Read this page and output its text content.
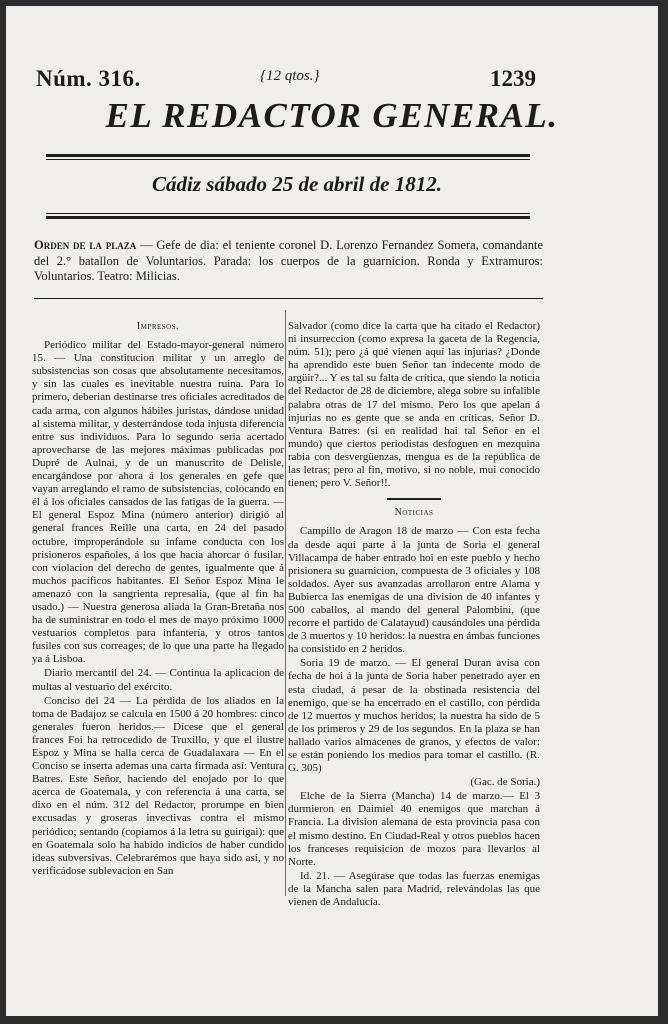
Núm. 316.	{12 qtos.}	1239
EL REDACTOR GENERAL.
Cádiz sábado 25 de abril de 1812.
Orden de la plaza — Gefe de dia: el teniente coronel D. Lorenzo Fernandez Somera, comandante del 2.° batallon de Voluntarios. Parada: los cuerpos de la guarnicion. Ronda y Extramuros: Voluntarios. Teatro: Milicias.

Impresos.

Periódico militar del Estado-mayor-general número 15. — Una constitucion militar y un arreglo de subsistencias son cosas que absolutamente necesitamos, y sin las cuales es inevitable nuestra ruina. Para lo primero, deberian destinarse tres oficiales acreditados de cada arma, con algunos hábiles juristas, dándose unidad al sistema militar, y desterrándose toda injusta diferencia entre sus individuos. Para lo segundo seria acertado aprovecharse de las mejores máximas publicadas por Dupré de Aulnai, y de un manuscrito de Delisle, encargándose por ahora á los generales en gefe que vayan arreglando el ramo de subsistencias, colocando en él á los oficiales cansados de las fatigas de la guerra. — El general Espoz Mina (número anterior) dirigió al general frances Reille una carta, en 24 del pasado octubre, improperándole su infame conducta con los prisioneros españoles, á los que hacia ahorcar ó fusilar, con violacion del derecho de gentes, igualmente que á muchos pacíficos habitantes. El Señor Espoz Mina le amenazó con la sangrienta represalia, (que al fin ha usado.) — Nuestra generosa aliada la Gran-Bretaña nos ha de suministrar en todo el mes de mayo próximo 1000 vestuarios completos para infantería, y otros tantos fusiles con sus correages; de lo que una parte ha llegado ya á Lisboa.

Diario mercantil del 24. — Continua la aplicacion de multas al vestuario del exército.

Conciso del 24 — La pérdida de los aliados en la toma de Badajoz se calcula en 1500 á 20 hombres: cinco generales fueron heridos.— Dícese que el general frances Foi ha retrocedido de Truxillo, y que el ilustre Espoz y Mina se halla cerca de Guadalaxara — En el Conciso se inserta ademas una carta firmada así: Ventura Batres. Este Señor, haciendo del enojado por lo que acerca de Goatemala, y con referencia á una carta, se dixo en el núm. 312 del Redactor, prorumpe en bien excusadas y groseras invectivas contra el mismo periódico; sentando (copiamos á la letra su guirigai): que en Goatemala solo ha habido indicios de haber cundido ideas subversivas. Celebrarémos que haya sido así, y no verificádose sublevacion en San

Salvador (como dice la carta que ha citado el Redactor) ni insurreccion (como expresa la gaceta de la Regencia, núm. 51); pero ¿á qué vienen aquí las injurias? ¿Donde ha aprendido este buen Señor tan indecente modo de argüir?... Y es tal su falta de crítica, que siendo la noticia del Redactor de 28 de diciembre, alega sobre su infalible palabra otras de 17 del mismo. Pero los que apelan á injurias no es gente que se anda en críticas. Señor D. Ventura Batres: (si en realidad hai tal Señor en el mundo) que ciertos periodistas desfoguen en mezquina rabia con desvergüenzas, mengua es de la república de las letras; pero al fin, motivo, si no noble, mui conocido tienen; pero V. Señor!!.

Noticias

Campillo de Aragon 18 de marzo — Con esta fecha da desde aquí parte á la junta de Soria el general Villacampa de haber entrado hoi en este pueblo y hecho prisionera su guarnicion, compuesta de 3 oficiales y 108 soldados. Ayer sus avanzadas arrollaron entre Alama y Bubierca las enemigas de una division de 40 infantes y 500 caballos, al mando del general Palombini, (que recorre el partido de Calatayud) causándoles una pérdida de 3 muertos y 10 heridos: la nuestra en ámbas funciones ha consistido en 2 heridos.

Soria 19 de marzo. — El general Duran avisa con fecha de hoi á la junta de Soria haber penetrado ayer en esta ciudad, á pesar de la obstinada resistencia del enemigo, que se ha encerrado en el castillo, con pérdida de 12 muertos y muchos heridos; la nuestra ha sido de 5 de los primeros y 29 de los segundos. En la plaza se han hallado varios almacenes de granos, y efectos de valor: se están poniendo los medios para tomar el castillo. (R. G. 305)

(Gac. de Soria.)

Elche de la Sierra (Mancha) 14 de marzo.— El 3 durmieron en Daimiel 40 enemigos que marchan á Francia. La division alemana de esta provincia pasa con el mismo destino. En Ciudad-Real y otros pueblos hacen los franceses requisicion de mozos para llevarlos al Norte.

Id. 21. — Asegúrase que todas las fuerzas enemigas de la Mancha salen para Madrid, relevándolas las que vienen de Andalucía.
